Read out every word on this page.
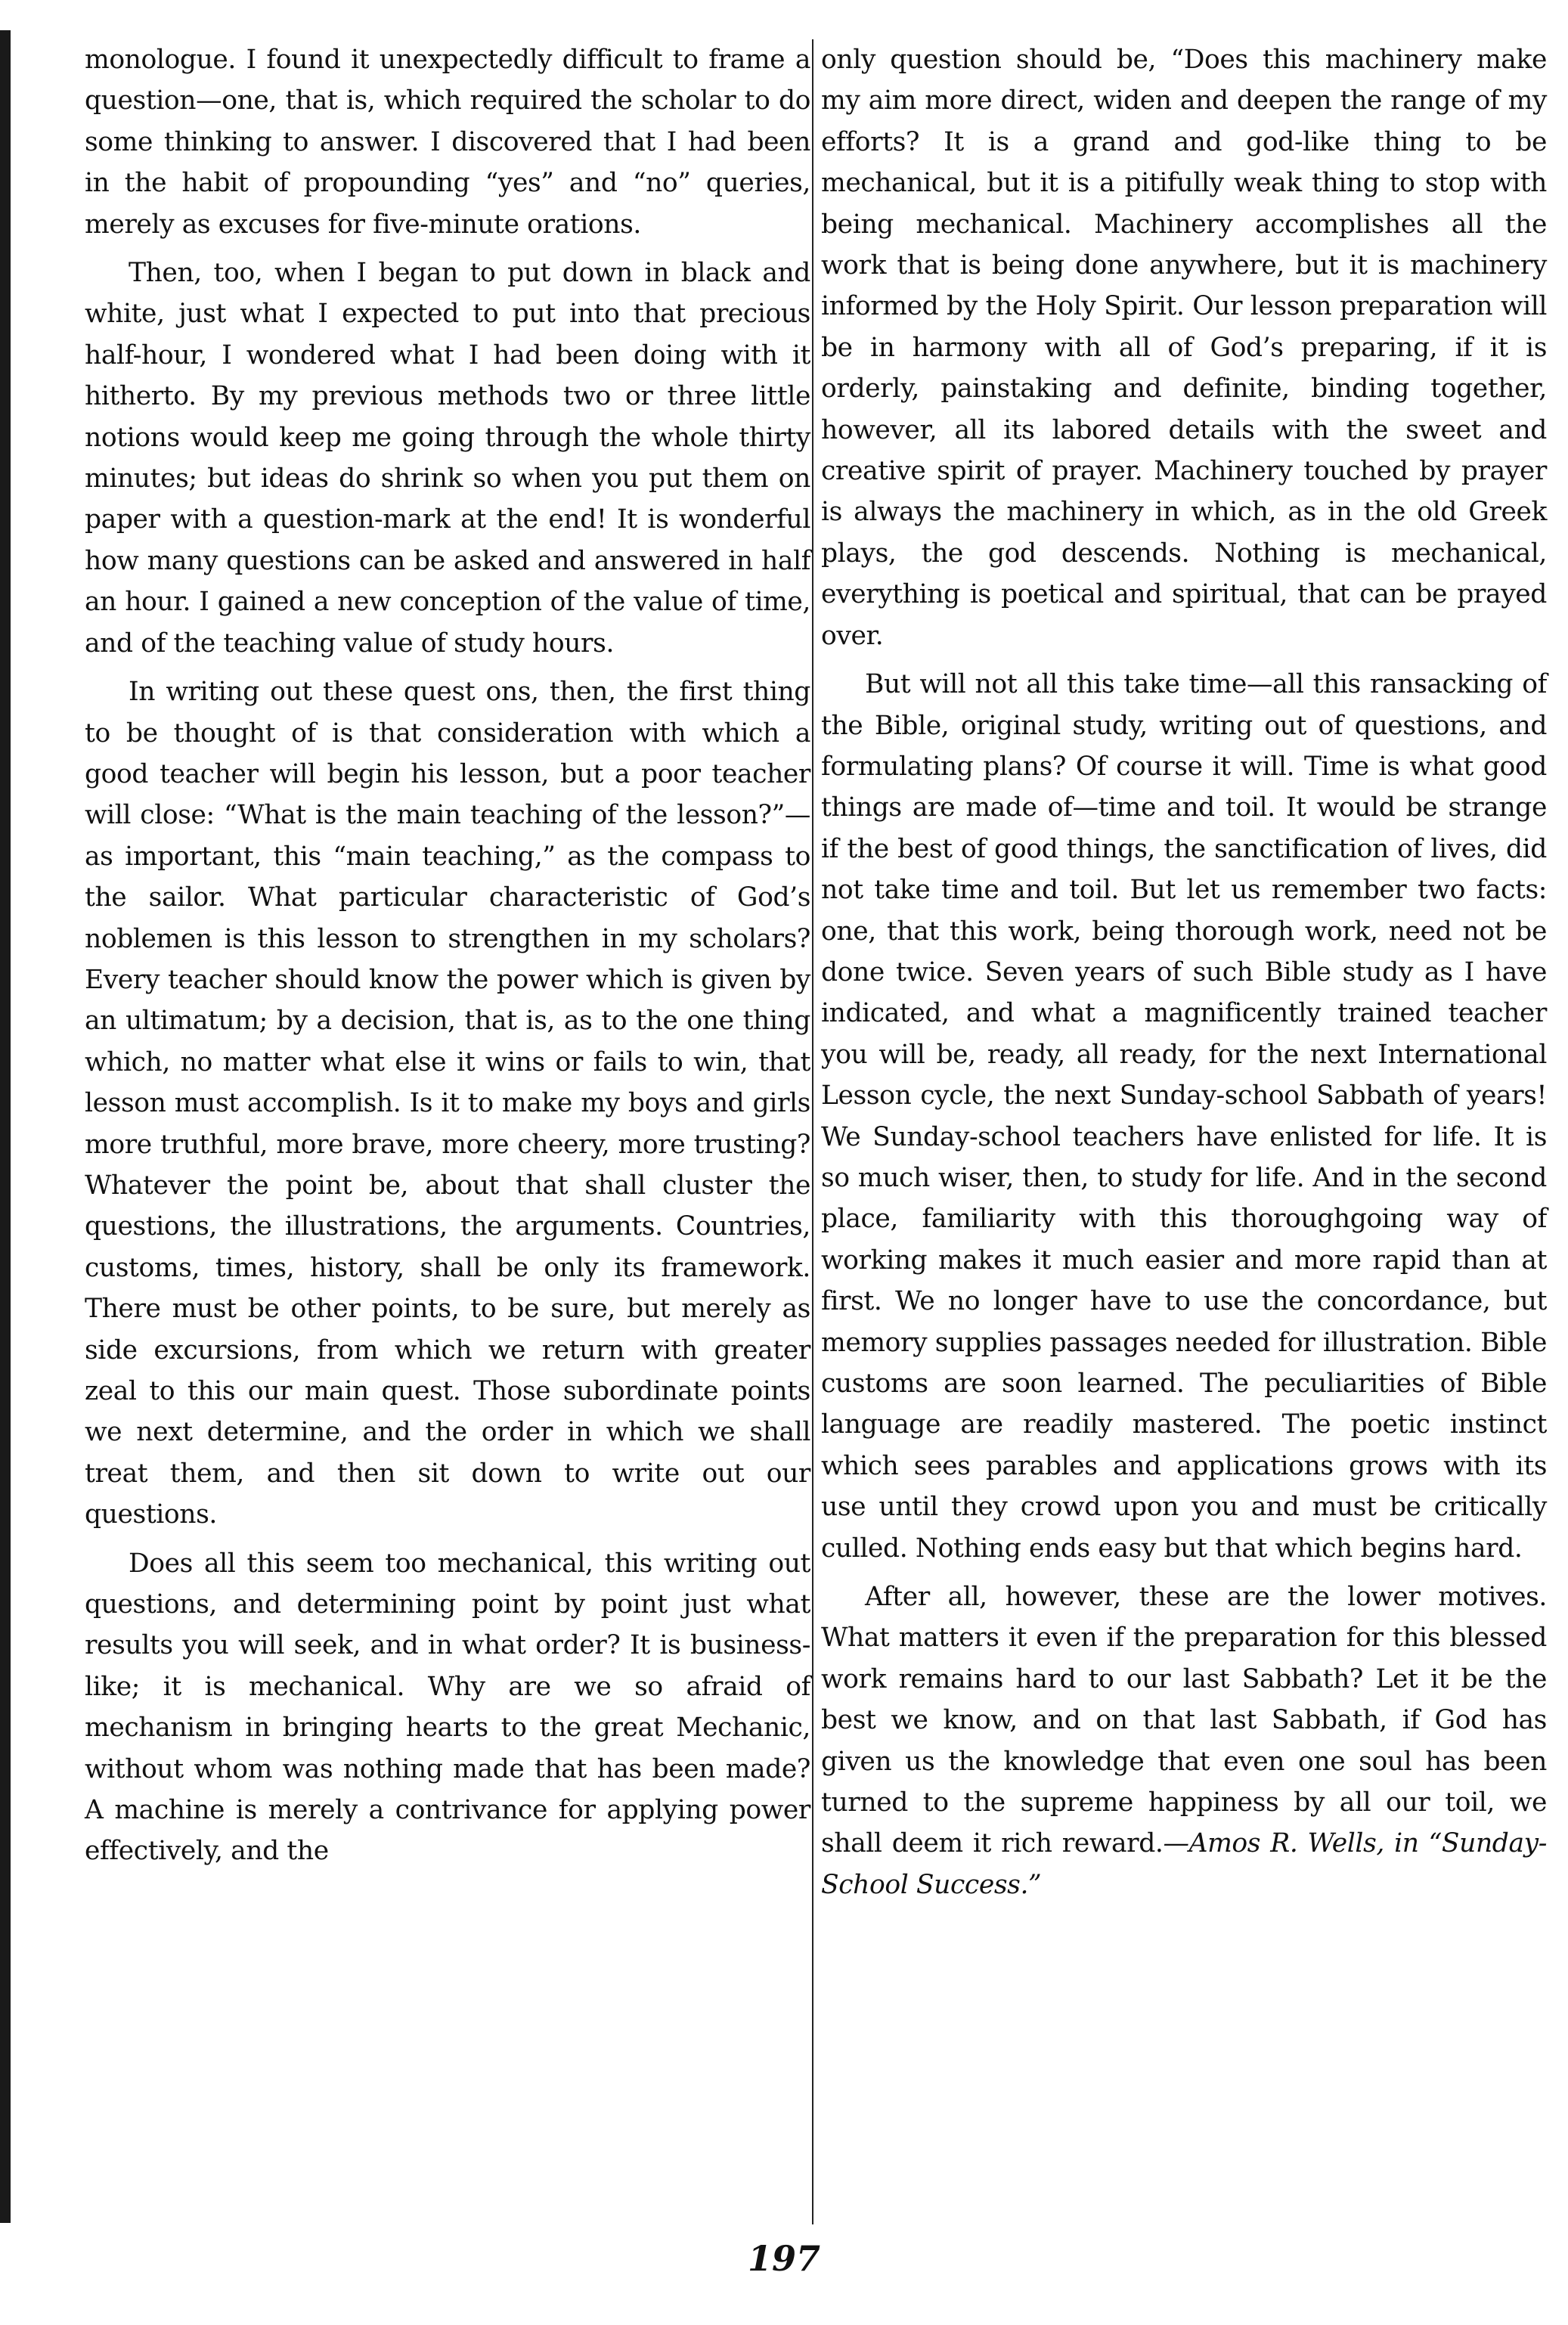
monologue. I found it unexpectedly difficult to frame a question—one, that is, which required the scholar to do some thinking to answer. I discovered that I had been in the habit of propounding “yes” and “no” queries, merely as excuses for five-minute orations.

Then, too, when I began to put down in black and white, just what I expected to put into that precious half-hour, I wondered what I had been doing with it hitherto. By my previous methods two or three little notions would keep me going through the whole thirty minutes; but ideas do shrink so when you put them on paper with a question-mark at the end! It is wonderful how many questions can be asked and answered in half an hour. I gained a new conception of the value of time, and of the teaching value of study hours.

In writing out these quest ons, then, the first thing to be thought of is that consideration with which a good teacher will begin his lesson, but a poor teacher will close: “What is the main teaching of the lesson?”—as important, this “main teaching,” as the compass to the sailor. What particular characteristic of God’s noblemen is this lesson to strengthen in my scholars? Every teacher should know the power which is given by an ultimatum; by a decision, that is, as to the one thing which, no matter what else it wins or fails to win, that lesson must accomplish. Is it to make my boys and girls more truthful, more brave, more cheery, more trusting? Whatever the point be, about that shall cluster the questions, the illustrations, the arguments. Countries, customs, times, history, shall be only its framework. There must be other points, to be sure, but merely as side excursions, from which we return with greater zeal to this our main quest. Those subordinate points we next determine, and the order in which we shall treat them, and then sit down to write out our questions.

Does all this seem too mechanical, this writing out questions, and determining point by point just what results you will seek, and in what order? It is business-like; it is mechanical. Why are we so afraid of mechanism in bringing hearts to the great Mechanic, without whom was nothing made that has been made? A machine is merely a contrivance for applying power effectively, and the

only question should be, “Does this machinery make my aim more direct, widen and deepen the range of my efforts? It is a grand and god-like thing to be mechanical, but it is a pitifully weak thing to stop with being mechanical. Machinery accomplishes all the work that is being done anywhere, but it is machinery informed by the Holy Spirit. Our lesson preparation will be in harmony with all of God’s preparing, if it is orderly, painstaking and definite, binding together, however, all its labored details with the sweet and creative spirit of prayer. Machinery touched by prayer is always the machinery in which, as in the old Greek plays, the god descends. Nothing is mechanical, everything is poetical and spiritual, that can be prayed over.

But will not all this take time—all this ransacking of the Bible, original study, writing out of questions, and formulating plans? Of course it will. Time is what good things are made of—time and toil. It would be strange if the best of good things, the sanctification of lives, did not take time and toil. But let us remember two facts: one, that this work, being thorough work, need not be done twice. Seven years of such Bible study as I have indicated, and what a magnificently trained teacher you will be, ready, all ready, for the next International Lesson cycle, the next Sunday-school Sabbath of years! We Sunday-school teachers have enlisted for life. It is so much wiser, then, to study for life. And in the second place, familiarity with this thoroughgoing way of working makes it much easier and more rapid than at first. We no longer have to use the concordance, but memory supplies passages needed for illustration. Bible customs are soon learned. The peculiarities of Bible language are readily mastered. The poetic instinct which sees parables and applications grows with its use until they crowd upon you and must be critically culled. Nothing ends easy but that which begins hard.

After all, however, these are the lower motives. What matters it even if the preparation for this blessed work remains hard to our last Sabbath? Let it be the best we know, and on that last Sabbath, if God has given us the knowledge that even one soul has been turned to the supreme happiness by all our toil, we shall deem it rich reward.—Amos R. Wells, in “Sunday-School Success.”

197
